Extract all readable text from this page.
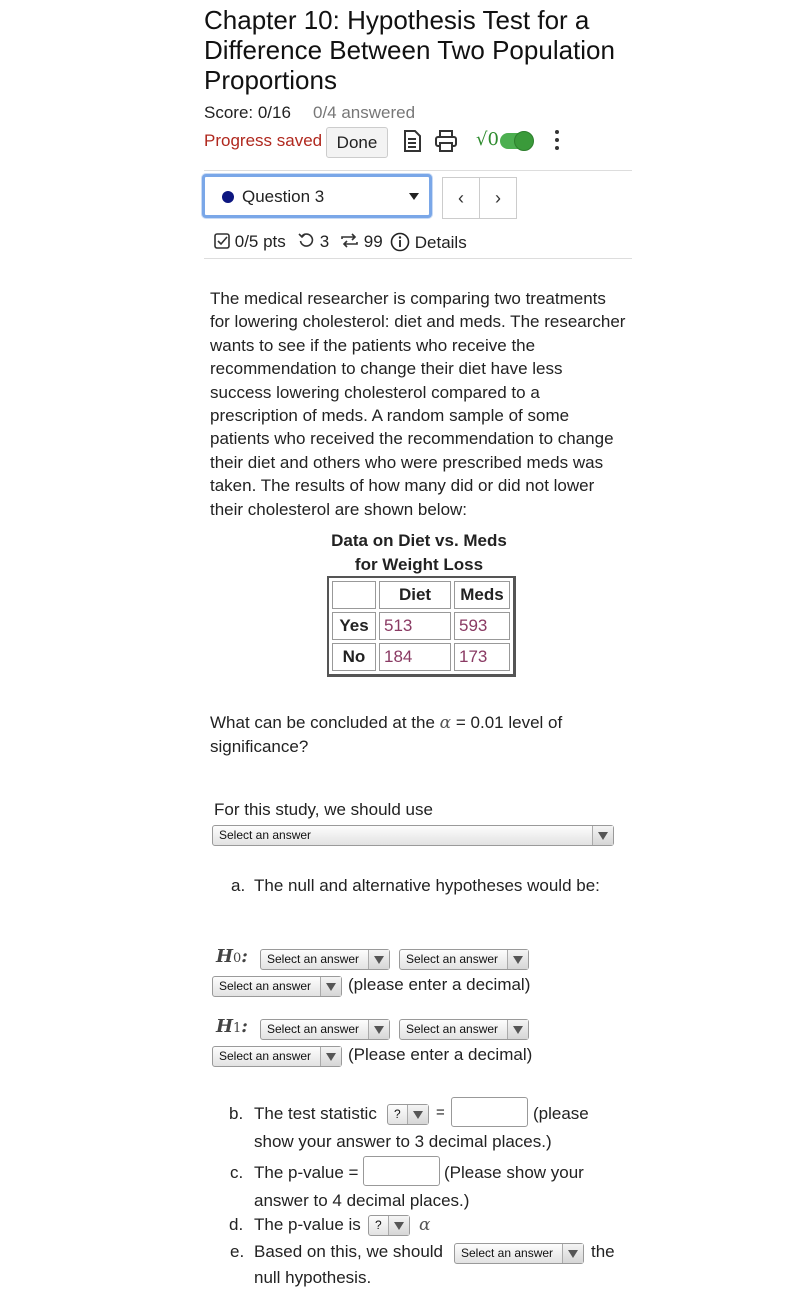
Chapter 10: Hypothesis Test for a Difference Between Two Population Proportions
Score: 0/16 0/4 answered
Progress saved Done	√0
Question 3	‹	›
0/5 pts	3	99	Details
The medical researcher is comparing two treatments for lowering cholesterol: diet and meds. The researcher wants to see if the patients who receive the recommendation to change their diet have less success lowering cholesterol compared to a prescription of meds. A random sample of some patients who received the recommendation to change their diet and others who were prescribed meds was taken. The results of how many did or did not lower their cholesterol are shown below:
Data on Diet vs. Meds
for Weight Loss
	Diet	Meds
Yes	513	593
No	184	173
What can be concluded at the α = 0.01 level of significance?
For this study, we should use
Select an answer
a. The null and alternative hypotheses would be:
H0:	Select an answer	Select an answer
Select an answer	(please enter a decimal)
H1:	Select an answer	Select an answer
Select an answer	(Please enter a decimal)
b. The test statistic	?	=	(please
show your answer to 3 decimal places.)
c. The p-value =	(Please show your
answer to 4 decimal places.)
d. The p-value is	?	α
e. Based on this, we should	Select an answer	the
null hypothesis.
